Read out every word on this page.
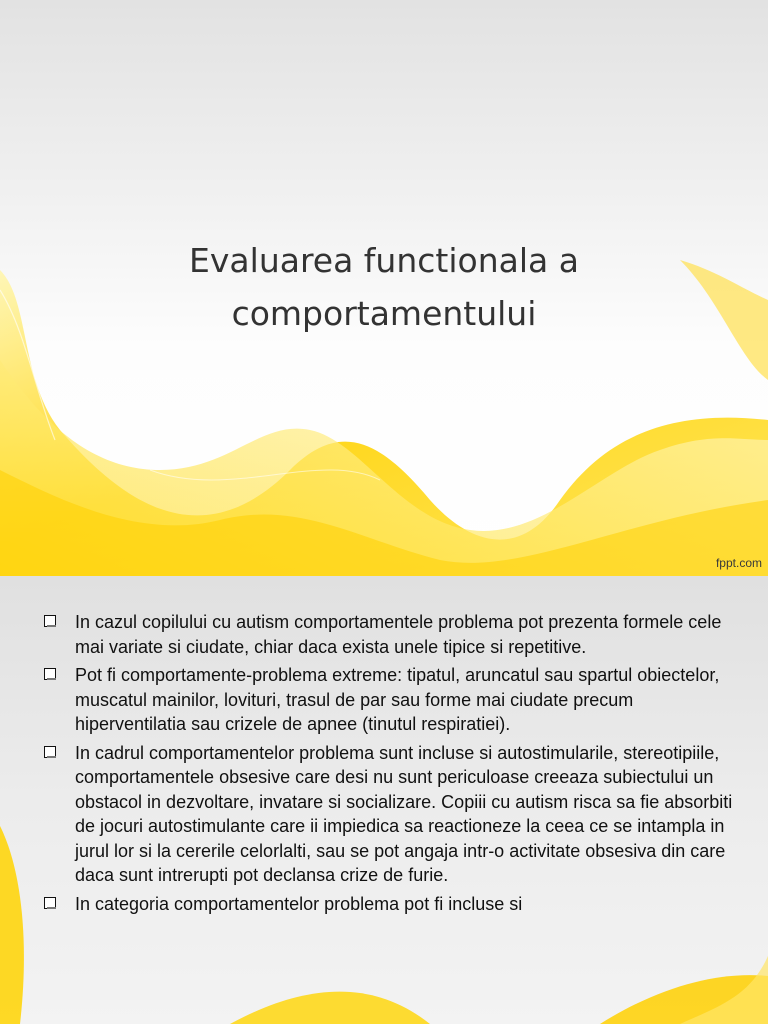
Evaluarea functionala a comportamentului
fppt.com
In cazul copilului cu autism comportamentele problema pot prezenta formele cele mai variate si ciudate, chiar daca exista unele tipice si repetitive.
Pot fi comportamente-problema extreme: tipatul, aruncatul sau spartul obiectelor, muscatul mainilor, lovituri, trasul de par sau forme mai ciudate precum hiperventilatia sau crizele de apnee (tinutul respiratiei).
In cadrul comportamentelor problema sunt incluse si autostimularile, stereotipiile, comportamentele obsesive care desi nu sunt periculoase creeaza subiectului un obstacol in dezvoltare, invatare si socializare. Copiii cu autism risca sa fie absorbiti de jocuri autostimulante care ii impiedica sa reactioneze la ceea ce se intampla in jurul lor si la cererile celorlalti, sau se pot angaja intr-o activitate obsesiva din care daca sunt intrerupti pot declansa crize de furie.
In categoria comportamentelor problema pot fi incluse si
